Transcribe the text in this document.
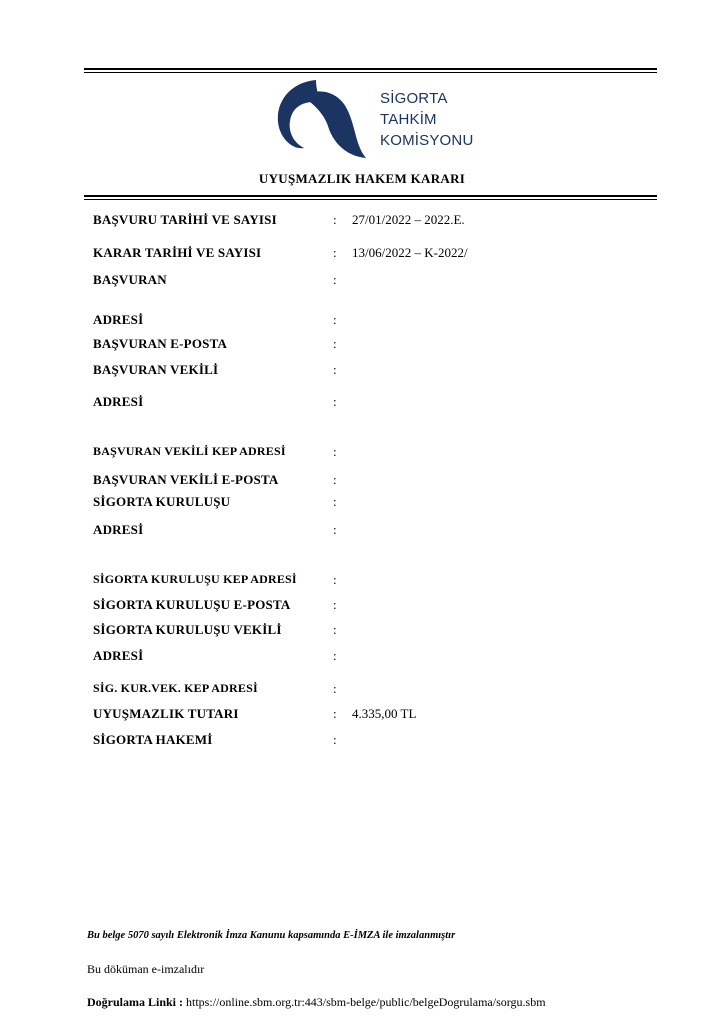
SİGORTA
TAHKİM
KOMİSYONU
UYUŞMAZLIK HAKEM KARARI
BAŞVURU TARİHİ VE SAYISI	: 27/01/2022 – 2022.E.
KARAR TARİHİ VE SAYISI	: 13/06/2022 – K-2022/
BAŞVURAN	:
ADRESİ	:
BAŞVURAN E-POSTA	:
BAŞVURAN VEKİLİ	:
ADRESİ	:
BAŞVURAN VEKİLİ KEP ADRESİ	:
BAŞVURAN VEKİLİ E-POSTA	:
SİGORTA KURULUŞU	:
ADRESİ	:
SİGORTA KURULUŞU KEP ADRESİ	:
SİGORTA KURULUŞU E-POSTA	:
SİGORTA KURULUŞU VEKİLİ	:
ADRESİ	:
SİG. KUR.VEK. KEP ADRESİ	:
UYUŞMAZLIK TUTARI	: 4.335,00 TL
SİGORTA HAKEMİ	:
Bu belge 5070 sayılı Elektronik İmza Kanunu kapsamında E-İMZA ile imzalanmıştır
Bu döküman e-imzalıdır
Doğrulama Linki : https://online.sbm.org.tr:443/sbm-belge/public/belgeDogrulama/sorgu.sbm
